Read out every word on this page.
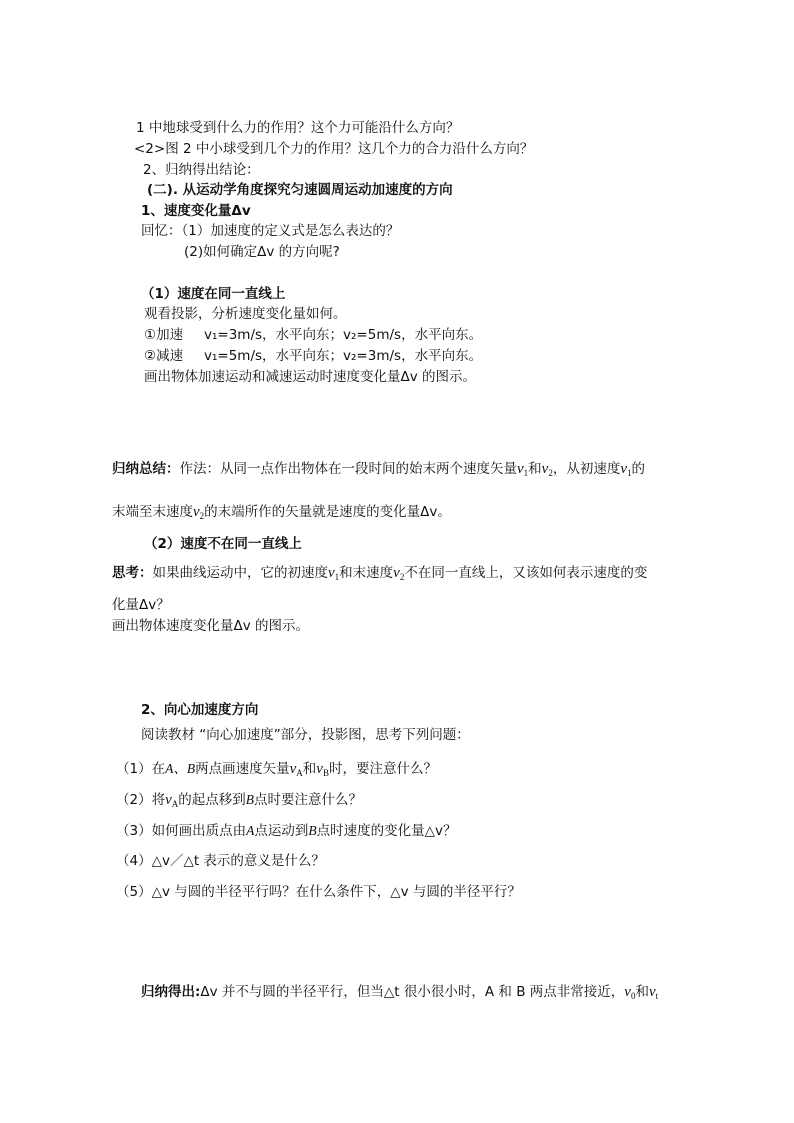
1 中地球受到什么力的作用？这个力可能沿什么方向？
<2>图 2 中小球受到几个力的作用？这几个力的合力沿什么方向？
2、归纳得出结论：
(二). 从运动学角度探究匀速圆周运动加速度的方向
1、速度变化量Δv
回忆：（1）加速度的定义式是怎么表达的？
(2)如何确定Δv 的方向呢?
（1）速度在同一直线上
观看投影，分析速度变化量如何。
①加速 v₁=3m/s，水平向东；v₂=5m/s，水平向东。
②减速 v₁=5m/s，水平向东；v₂=3m/s，水平向东。
画出物体加速运动和减速运动时速度变化量Δv 的图示。
归纳总结：作法：从同一点作出物体在一段时间的始末两个速度矢量$v_1$和$v_2$，从初速度$v_1$的
末端至末速度$v_2$的末端所作的矢量就是速度的变化量Δv。
（2）速度不在同一直线上
思考：如果曲线运动中，它的初速度$v_1$和末速度$v_2$不在同一直线上，又该如何表示速度的变
化量Δv？
画出物体速度变化量Δv 的图示。
2、向心加速度方向
阅读教材 “向心加速度”部分，投影图，思考下列问题：
（1）在A、B两点画速度矢量$v_A$和$v_B$时，要注意什么？
（2）将$v_A$的起点移到B点时要注意什么？
（3）如何画出质点由A点运动到B点时速度的变化量△v？
（4）△v／△t 表示的意义是什么？
（5）△v 与圆的半径平行吗？在什么条件下，△v 与圆的半径平行？
归纳得出:Δv 并不与圆的半径平行，但当△t 很小很小时，A 和 B 两点非常接近，$v_0$和$v_t$
